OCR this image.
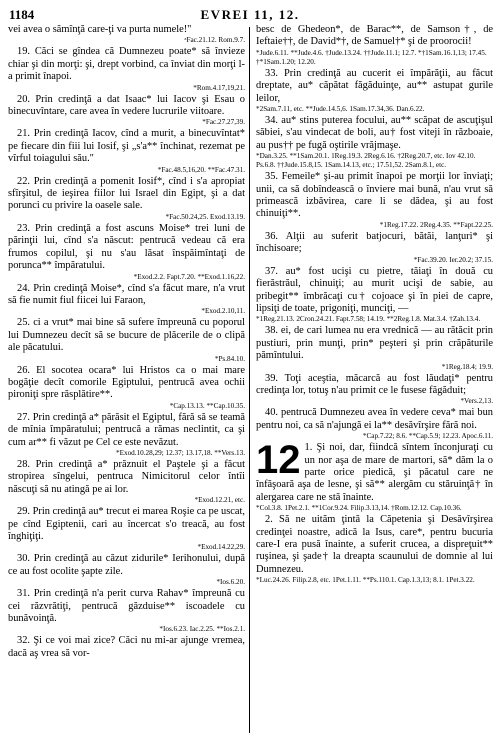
1184	EVREI 11, 12.

vei avea o sămînţă care-ţi va purta numele!"

ᵃFac.21.12. Rom.9.7.

19. Căci se gîndea că Dumnezeu poate* să învieze chiar şi din morţi: şi, drept vorbind, ca înviat din morţi l-a primit înapoi.

*Rom.4.17,19,21.

20. Prin credinţă a dat Isaac* lui Iacov şi Esau o binecuvîntare, care avea în vedere lucrurile viitoare.

*Fac.27.27,39.

21. Prin credinţă Iacov, cînd a murit, a binecuvîntat* pe fiecare din fiii lui Iosif, şi „s'a** închinat, rezemat pe vîrful toiagului său."

*Fac.48.5,16,20. **Fac.47.31.

22. Prin credinţă a pomenit Iosif*, cînd i s'a apropiat sfîrşitul, de ieşirea fiilor lui Israel din Egipt, şi a dat porunci cu privire la oasele sale.

*Fac.50.24,25. Exod.13.19.

23. Prin credinţă a fost ascuns Moise* trei luni de părinţii lui, cînd s'a născut: pentrucă vedeau că era frumos copilul, şi nu s'au lăsat înspăimîntaţi de porunca** împăratului.

*Exod.2.2. Fapt.7.20. **Exod.1.16,22.

24. Prin credinţă Moise*, cînd s'a făcut mare, n'a vrut să fie numit fiul fiicei lui Faraon,

*Exod.2.10,11.

25. ci a vrut* mai bine să sufere împreună cu poporul lui Dumnezeu decît să se bucure de plăcerile de o clipă ale păcatului.

*Ps.84.10.

26. El socotea ocara* lui Hristos ca o mai mare bogăţie decît comorile Egiptului, pentrucă avea ochii pironiţi spre răsplătire**.

*Cap.13.13. **Cap.10.35.

27. Prin credinţă a* părăsit el Egiptul, fără să se teamă de mînia împăratului; pentrucă a rămas neclintit, ca şi cum ar** fi văzut pe Cel ce este nevăzut.

*Exod.10.28,29; 12.37; 13.17,18. **Vers.13.

28. Prin credinţă a* prăznuit el Paştele şi a făcut stropirea sîngelui, pentruca Nimicitorul celor întîi născuţi să nu atingă pe ai lor.

*Exod.12.21, etc.

29. Prin credinţă au* trecut ei marea Roşie ca pe uscat, pe cînd Egiptenii, cari au încercat s'o treacă, au fost înghiţiţi.

*Exod.14.22,29.

30. Prin credinţă au căzut zidurile* Ierihonului, după ce au fost ocolite şapte zile.

*Ios.6.20.

31. Prin credinţă n'a perit curva Rahav* împreună cu cei răzvrătiţi, pentrucă găzduise** iscoadele cu bunăvoinţă.

*Ios.6.23. Iac.2.25. **Ios.2.1.

32. Şi ce voi mai zice? Căci nu mi-ar ajunge vremea, dacă aş vrea să vor-

besc de Ghedeon*, de Barac**, de Samson†, de Ieftaie††, de David*†, de Samuel†* şi de proorocii!

*Jude.6.11. **Jude.4.6. †Jude.13.24. ††Jude.11.1; 12.7. *†1Sam.16.1,13; 17.45. †*1Sam.1.20; 12.20.

33. Prin credinţă au cucerit ei împărăţii, au făcut dreptate, au* căpătat făgăduinţe, au** astupat gurile leilor,

*2Sam.7.11, etc. **Jude.14.5,6. 1Sam.17.34,36. Dan.6.22.

34. au* stins puterea focului, au** scăpat de ascuţişul săbiei, s'au vindecat de boli, au† fost viteji în războaie, au pus†† pe fugă oştirile vrăjmaşe.

*Dan.3.25. **1Sam.20.1. 1Reg.19.3. 2Reg.6.16. †2Reg.20.7, etc. Iov 42.10. Ps.6.8. ††Jude.15.8,15. 1Sam.14.13, etc.; 17.51,52. 2Sam.8.1, etc.

35. Femeile* şi-au primit înapoi pe morţii lor înviaţi; unii, ca să dobîndească o înviere mai bună, n'au vrut să primească izbăvirea, care li se dădea, şi au fost chinuiţi**.

*1Reg.17.22. 2Reg.4.35. **Fapt.22.25.

36. Alţii au suferit batjocuri, bătăi, lanţuri* şi închisoare;

*Fac.39.20. Ier.20.2; 37.15.

37. au* fost ucişi cu pietre, tăiaţi în două cu fierăstrăul, chinuiţi; au murit ucişi de sabie, au pribegit** îmbrăcaţi cu† cojoace şi în piei de capre, lipsiţi de toate, prigoniţi, munciţi, —

*1Reg.21.13. 2Cron.24.21. Fapt.7.58; 14.19. **2Reg.1.8. Mat.3.4. †Zah.13.4.

38. ei, de cari lumea nu era vrednică — au rătăcit prin pustiuri, prin munţi, prin* peşteri şi prin crăpăturile pămîntului.

*1Reg.18.4; 19.9.

39. Toţi aceştia, măcarcă au fost lăudaţi* pentru credinţa lor, totuş n'au primit ce le fusese făgăduit;

*Vers.2,13.

40. pentrucă Dumnezeu avea în vedere ceva* mai bun pentru noi, ca să n'ajungă ei la** desăvîrşire fără noi.

*Cap.7.22; 8.6. **Cap.5.9; 12.23. Apoc.6.11.

12 1. Şi noi, dar, fiindcă sîntem înconjuraţi cu un nor aşa de mare de martori, să* dăm la o parte orice piedică, şi păcatul care ne înfăşoară aşa de lesne, şi să** alergăm cu stăruinţă† în alergarea care ne stă înainte.

*Col.3.8. 1Pet.2.1. **1Cor.9.24. Filip.3.13,14. †Rom.12.12. Cap.10.36.

2. Să ne uităm ţintă la Căpetenia şi Desăvîrşirea credinţei noastre, adică la Isus, care*, pentru bucuria care-I era pusă înainte, a suferit crucea, a dispreţuit** ruşinea, şi şade† la dreapta scaunului de domnie al lui Dumnezeu.

*Luc.24.26. Filip.2.8, etc. 1Pet.1.11. **Ps.110.1. Cap.1.3,13; 8.1. 1Pet.3.22.
